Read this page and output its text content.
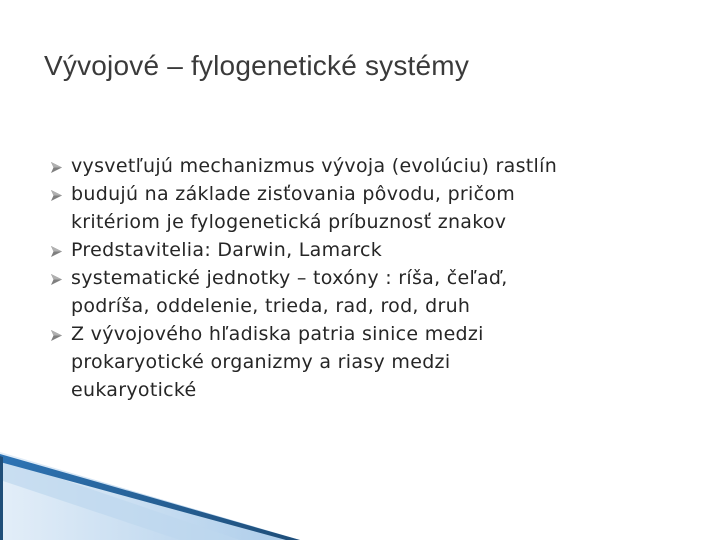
Vývojové – fylogenetické systémy
vysvetľujú mechanizmus vývoja (evolúciu) rastlín
budujú na základe zisťovania pôvodu, pričom
kritériom je fylogenetická príbuznosť znakov
Predstavitelia: Darwin, Lamarck
systematické jednotky – toxóny : ríša, čeľaď,
podríša, oddelenie, trieda, rad, rod, druh
Z vývojového hľadiska patria sinice medzi
prokaryotické organizmy a riasy medzi
eukaryotické
